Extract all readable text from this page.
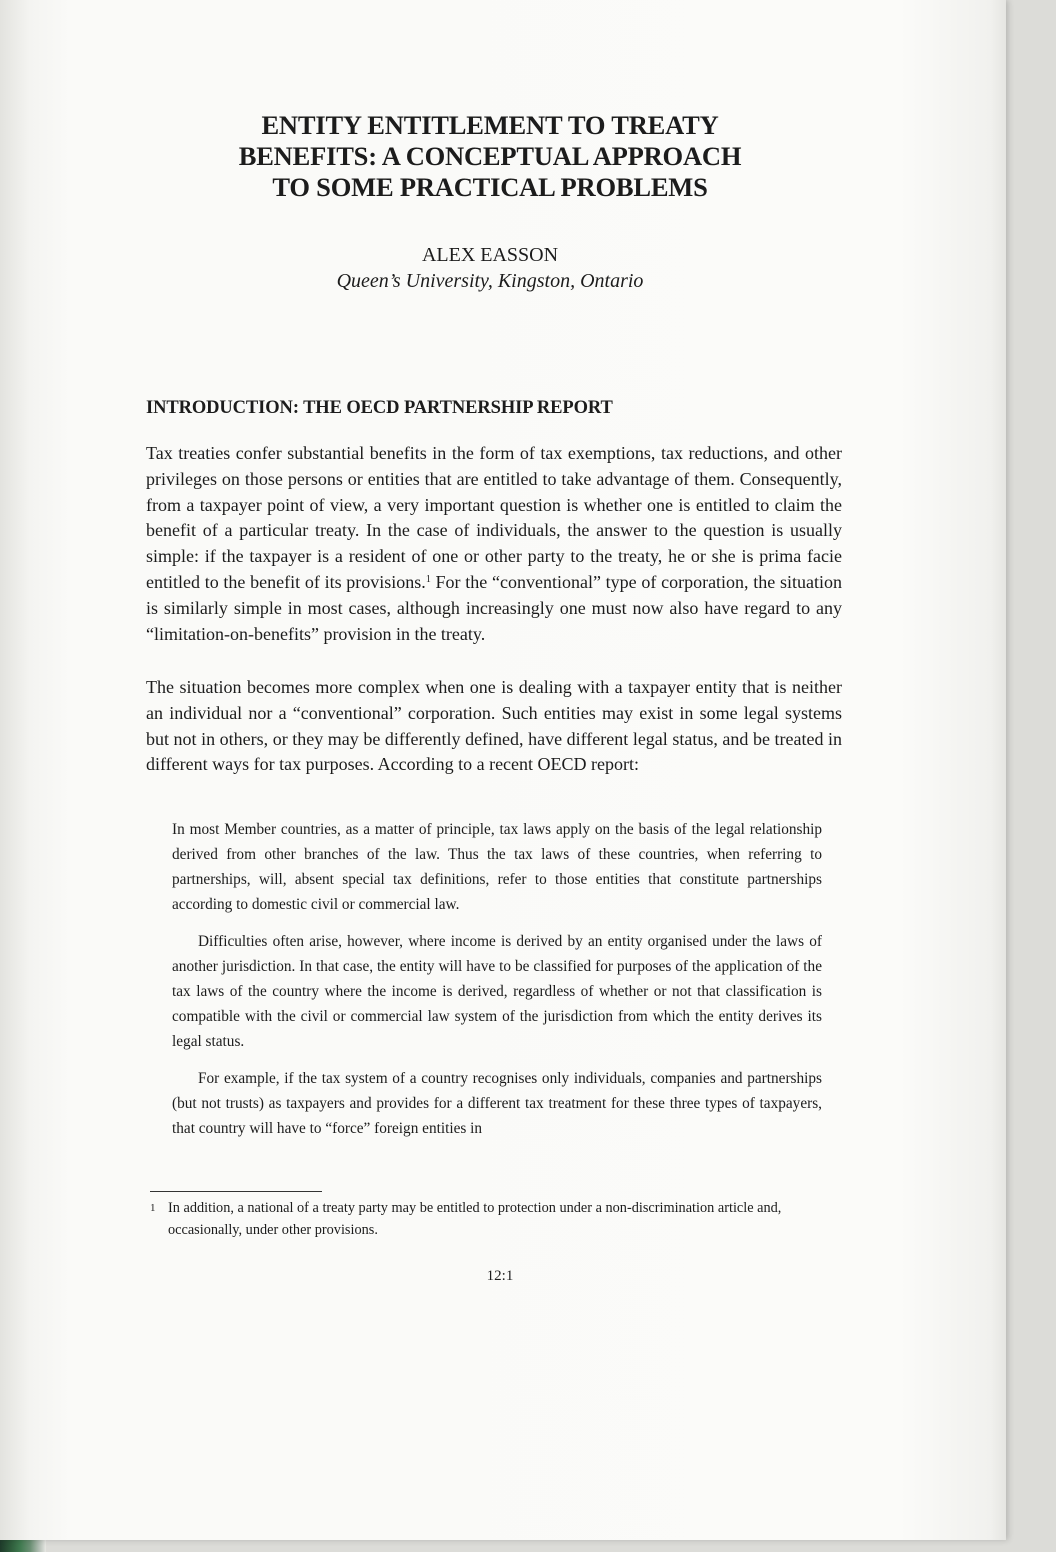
ENTITY ENTITLEMENT TO TREATY
BENEFITS: A CONCEPTUAL APPROACH
TO SOME PRACTICAL PROBLEMS

ALEX EASSON

Queen’s University, Kingston, Ontario

INTRODUCTION: THE OECD PARTNERSHIP REPORT

Tax treaties confer substantial benefits in the form of tax exemptions, tax reductions, and other privileges on those persons or entities that are entitled to take advantage of them. Consequently, from a taxpayer point of view, a very important question is whether one is entitled to claim the benefit of a particular treaty. In the case of individuals, the answer to the question is usually simple: if the taxpayer is a resident of one or other party to the treaty, he or she is prima facie entitled to the benefit of its provisions.$^1$ For the “conventional” type of corporation, the situation is similarly simple in most cases, although increasingly one must now also have regard to any “limitation-on-benefits” provision in the treaty.

The situation becomes more complex when one is dealing with a taxpayer entity that is neither an individual nor a “conventional” corporation. Such entities may exist in some legal systems but not in others, or they may be differently defined, have different legal status, and be treated in different ways for tax purposes. According to a recent OECD report:

In most Member countries, as a matter of principle, tax laws apply on the basis of the legal relationship derived from other branches of the law. Thus the tax laws of these countries, when referring to partnerships, will, absent special tax definitions, refer to those entities that constitute partnerships according to domestic civil or commercial law.

Difficulties often arise, however, where income is derived by an entity organised under the laws of another jurisdiction. In that case, the entity will have to be classified for purposes of the application of the tax laws of the country where the income is derived, regardless of whether or not that classification is compatible with the civil or commercial law system of the jurisdiction from which the entity derives its legal status.

For example, if the tax system of a country recognises only individuals, companies and partnerships (but not trusts) as taxpayers and provides for a different tax treatment for these three types of taxpayers, that country will have to “force” foreign entities in

1 In addition, a national of a treaty party may be entitled to protection under a non-discrimination article and, occasionally, under other provisions.

12:1
